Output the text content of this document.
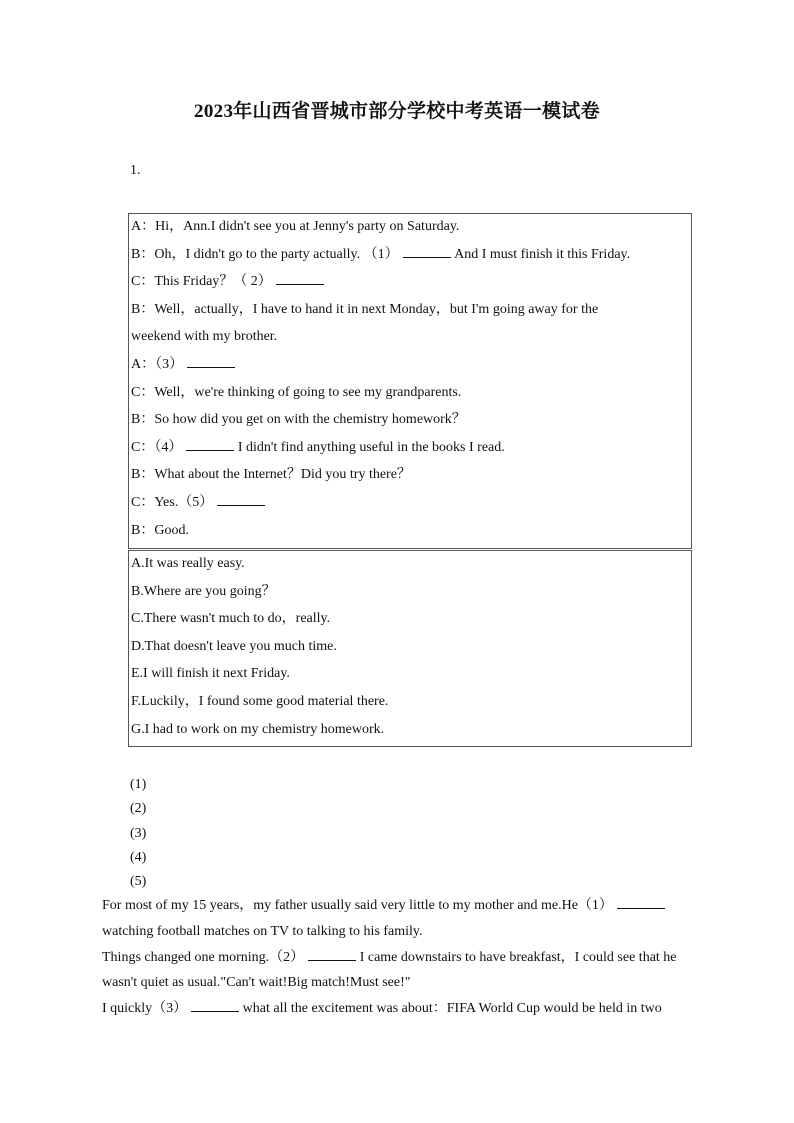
2023年山西省晋城市部分学校中考英语一模试卷
1.
A：Hi，Ann.I didn't see you at Jenny's party on Saturday.
B：Oh，I didn't go to the party actually. （1）	And I must finish it this Friday.
C：This Friday？（ 2）
B：Well，actually，I have to hand it in next Monday，but I'm going away for the
weekend with my brother.
A：（3）
C：Well，we're thinking of going to see my grandparents.
B：So how did you get on with the chemistry homework？
C：（4）	I didn't find anything useful in the books I read.
B：What about the Internet？Did you try there？
C：Yes.（5）
B：Good.
A.It was really easy.
B.Where are you going？
C.There wasn't much to do，really.
D.That doesn't leave you much time.
E.I will finish it next Friday.
F.Luckily，I found some good material there.
G.I had to work on my chemistry homework.
(1)
(2)
(3)
(4)
(5)
For most of my 15 years，my father usually said very little to my mother and me.He（1）
watching football matches on TV to talking to his family.
Things changed one morning.（2）	I came downstairs to have breakfast，I could see that he
wasn't quiet as usual."Can't wait!Big match!Must see!"
I quickly（3）	what all the excitement was about：FIFA World Cup would be held in two
